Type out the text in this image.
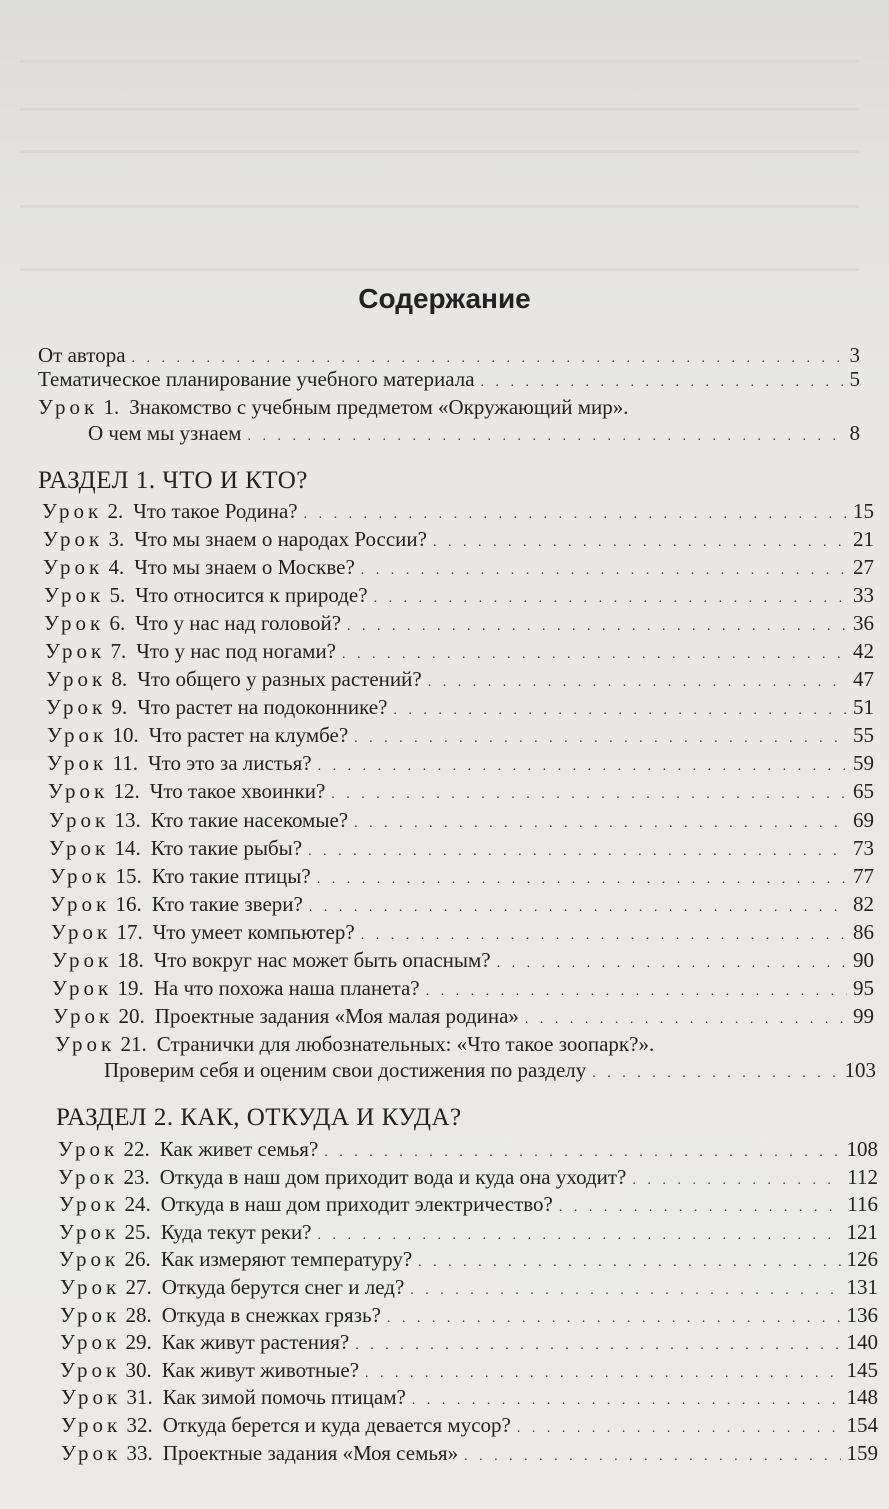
Содержание
От автора . . .	3
Тематическое планирование учебного материала . . .	5
Урок 1. Знакомство с учебным предметом «Окружающий мир».
О чем мы узнаем . . .	8
РАЗДЕЛ 1. ЧТО И КТО?
Урок 2. Что такое Родина? . . .	15
Урок 3. Что мы знаем о народах России? . . .	21
Урок 4. Что мы знаем о Москве? . . .	27
Урок 5. Что относится к природе? . . .	33
Урок 6. Что у нас над головой? . . .	36
Урок 7. Что у нас под ногами? . . .	42
Урок 8. Что общего у разных растений? . . .	47
Урок 9. Что растет на подоконнике? . . .	51
Урок 10. Что растет на клумбе? . . .	55
Урок 11. Что это за листья? . . .	59
Урок 12. Что такое хвоинки? . . .	65
Урок 13. Кто такие насекомые? . . .	69
Урок 14. Кто такие рыбы? . . .	73
Урок 15. Кто такие птицы? . . .	77
Урок 16. Кто такие звери? . . .	82
Урок 17. Что умеет компьютер? . . .	86
Урок 18. Что вокруг нас может быть опасным? . . .	90
Урок 19. На что похожа наша планета? . . .	95
Урок 20. Проектные задания «Моя малая родина» . . .	99
Урок 21. Странички для любознательных: «Что такое зоопарк?».
Проверим себя и оценим свои достижения по разделу . . .	103
РАЗДЕЛ 2. КАК, ОТКУДА И КУДА?
Урок 22. Как живет семья? . . .	108
Урок 23. Откуда в наш дом приходит вода и куда она уходит? . . .	112
Урок 24. Откуда в наш дом приходит электричество? . . .	116
Урок 25. Куда текут реки? . . .	121
Урок 26. Как измеряют температуру? . . .	126
Урок 27. Откуда берутся снег и лед? . . .	131
Урок 28. Откуда в снежках грязь? . . .	136
Урок 29. Как живут растения? . . .	140
Урок 30. Как живут животные? . . .	145
Урок 31. Как зимой помочь птицам? . . .	148
Урок 32. Откуда берется и куда девается мусор? . . .	154
Урок 33. Проектные задания «Моя семья» . . .	159
